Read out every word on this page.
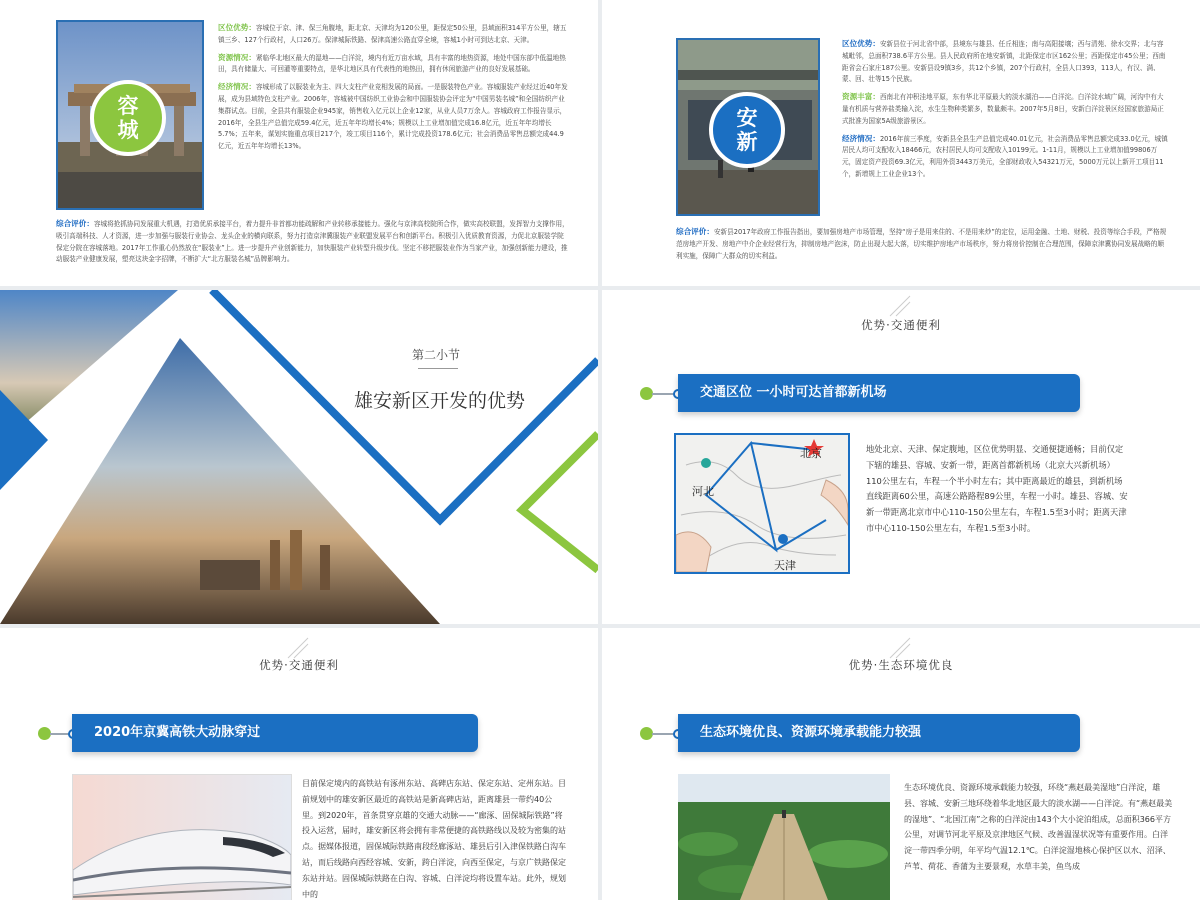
容
城

区位优势：容城位于京、津、保三角腹地，距北京、天津均为120公里，距保定50公里，县域面积314平方公里，辖五镇三乡、127个行政村，人口26万。保津城际铁路、保津高速公路直穿全境，容城1小时可到达北京、天津。

资源情况：紧临华北地区最大的湿地——白洋淀，境内有近万亩水域，具有丰富的地热资源，地处中国东部中低温地热田，具有储量大、可回灌等重要特点，是华北地区具有代表性的地热田，拥有休闲旅游产业的良好发展基础。

经济情况：容城形成了以服装业为主、四大支柱产业竞相发展的局面。一是服装特色产业。容城服装产业经过近40年发展，成为县域特色支柱产业。2006年，容城被中国纺织工业协会和中国服装协会评定为“中国男装名城”和全国纺织产业集群试点。目前，全县共有服装企业945家，销售收入亿元以上企业12家，从业人员7万余人。容城政府工作报告显示，2016年，全县生产总值完成59.4亿元，近五年年均增长4%；规模以上工业增加值完成16.8亿元，近五年年均增长5.7%；五年来，谋划实施重点项目217个，竣工项目116个，累计完成投资178.6亿元；社会消费品零售总额完成44.9亿元，近五年年均增长13%。

综合评价：容城将抢抓协同发展重大机遇，打造优质承接平台，着力提升非首都功能疏解和产业转移承接能力。强化与京津高校院所合作，做实高校联盟，发挥智力支撑作用，吸引高端科技、人才资源，进一步加强与服装行业协会、龙头企业的横向联系，努力打造京津冀服装产业联盟发展平台和创新平台。积极引入优质教育资源，力促北京服装学院保定分院在容城落地。2017年工作重心仍然放在“服装业”上。进一步提升产业创新能力，加快服装产业转型升级步伐。坚定不移把服装业作为当家产业，加强创新能力建设，推动服装产业健康发展，塑亮这块金字招牌，不断扩大“北方服装名城”品牌影响力。
安
新

区位优势：安新县位于河北省中部，县境东与雄县、任丘相连；南与高阳接壤；西与清苑、徐水交界；北与容城毗邻，总面积738.6平方公里。县人民政府所在地安新镇，北距保定市区162公里；西距保定市45公里；西南距省会石家庄187公里。安新县设9镇3乡，共12个乡镇，207个行政村，全县人口393，113人，有汉、满、蒙、回、壮等15个民族。

资源丰富：西南北有冲积洼地平原，东有华北平原最大的淡水湖泊——白洋淀。白洋淀水域广阔，河沟中有大量有机质与营养盐类输入淀，水生生物种类繁多，数量颇丰。2007年5月8日，安新白洋淀景区经国家旅游局正式批准为国家5A级旅游景区。

经济情况：2016年前三季度，安新县全县生产总值完成40.01亿元，社会消费品零售总额完成33.0亿元，城镇居民人均可支配收入18466元，农村居民人均可支配收入10199元。1-11月，规模以上工业增加值99806万元，固定资产投资69.3亿元，利用外资3443万美元，全部财政收入54321万元，5000万元以上新开工项目11个，新增规上工业企业13个。

综合评价：安新县2017年政府工作报告指出，要加强房地产市场管理，坚持“房子是用来住的、不是用来炒”的定位，运用金融、土地、财税、投资等综合手段，严格规范房地产开发、房地产中介企业经营行为，抑制房地产泡沫，防止出现大起大落，切实维护房地产市场秩序，努力将房价控制在合理范围，保障京津冀协同发展战略的顺利实施，保障广大群众的切实利益。
第二小节
雄安新区开发的优势
优势·交通便利
交通区位 一小时可达首都新机场
北京
河北
天津
地处北京、天津、保定腹地，区位优势明显、交通便捷通畅；目前仅定下辖的雄县、容城、安新一带，距离首都新机场（北京大兴新机场）110公里左右，车程一个半小时左右；其中距离最近的雄县，到新机场直线距离60公里，高速公路路程89公里，车程一小时。雄县、容城、安新一带距离北京市中心110-150公里左右，车程1.5至3小时；距离天津市中心110-150公里左右，车程1.5至3小时。
优势·交通便利
2020年京冀高铁大动脉穿过
目前保定境内的高铁站有涿州东站、高碑店东站、保定东站、定州东站。目前规划中的雄安新区最近的高铁站是新高碑店站，距离雄县一带约40公里。到2020年，首条贯穿京雄的交通大动脉——“廊涿、固保城际铁路”将投入运营，届时，雄安新区将会拥有非常便捷的高铁路线以及较为密集的站点。据媒体报道，固保城际铁路南段经廊涿站、雄县后引入津保铁路白沟车站，而后线路向西经容城、安新，跨白洋淀，向西至保定，与京广铁路保定东站并站。固保城际铁路在白沟、容城、白洋淀均将设置车站。此外，规划中的
优势·生态环境优良
生态环境优良、资源环境承载能力较强
生态环境优良、资源环境承载能力较强，环绕“燕赵最美湿地”白洋淀，雄县、容城、安新三地环绕着华北地区最大的淡水湖——白洋淀。有“燕赵最美的湿地”、“北国江南”之称的白洋淀由143个大小淀泊组成，总面积366平方公里，对调节河北平原及京津地区气候、改善温湿状况等有重要作用。白洋淀一带四季分明，年平均气温12.1℃。白洋淀湿地核心保护区以水、沼泽、芦苇、荷花、香蒲为主要景观，水草丰美，鱼鸟成
